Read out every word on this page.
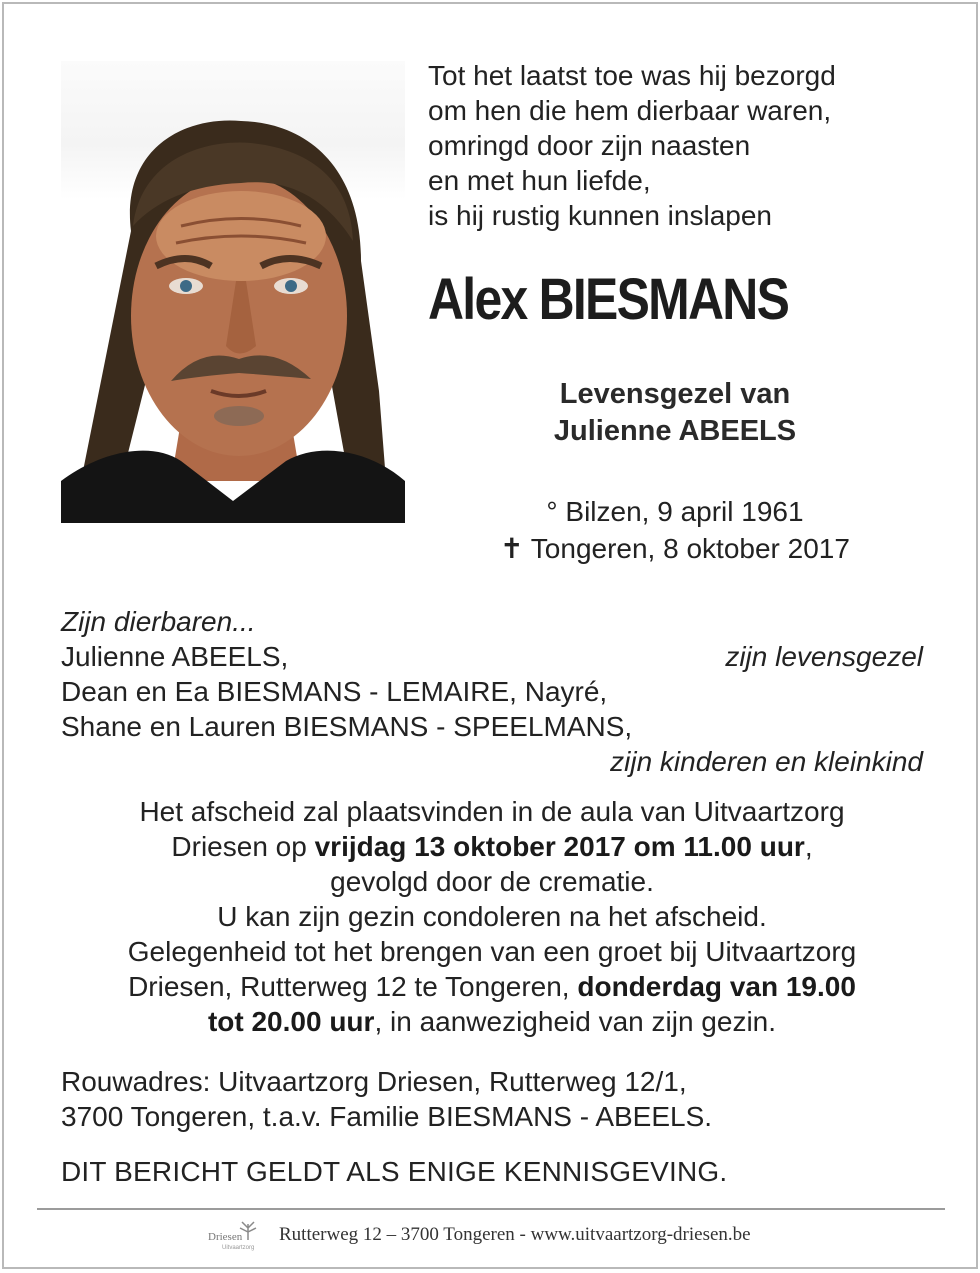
Tot het laatst toe was hij bezorgd
om hen die hem dierbaar waren,
omringd door zijn naasten
en met hun liefde,
is hij rustig kunnen inslapen
Alex BIESMANS
Levensgezel van
Julienne ABEELS
° Bilzen, 9 april 1961
✝ Tongeren, 8 oktober 2017
Zijn dierbaren...
Julienne ABEELS,	zijn levensgezel
Dean en Ea BIESMANS - LEMAIRE, Nayré,
Shane en Lauren BIESMANS - SPEELMANS,
zijn kinderen en kleinkind
Het afscheid zal plaatsvinden in de aula van Uitvaartzorg
Driesen op vrijdag 13 oktober 2017 om 11.00 uur,
gevolgd door de crematie.
U kan zijn gezin condoleren na het afscheid.
Gelegenheid tot het brengen van een groet bij Uitvaartzorg
Driesen, Rutterweg 12 te Tongeren, donderdag van 19.00
tot 20.00 uur, in aanwezigheid van zijn gezin.
Rouwadres: Uitvaartzorg Driesen, Rutterweg 12/1,
3700 Tongeren, t.a.v. Familie BIESMANS - ABEELS.
DIT BERICHT GELDT ALS ENIGE KENNISGEVING.
Driesen
Uitvaartzorg
Rutterweg 12 – 3700 Tongeren - www.uitvaartzorg-driesen.be
